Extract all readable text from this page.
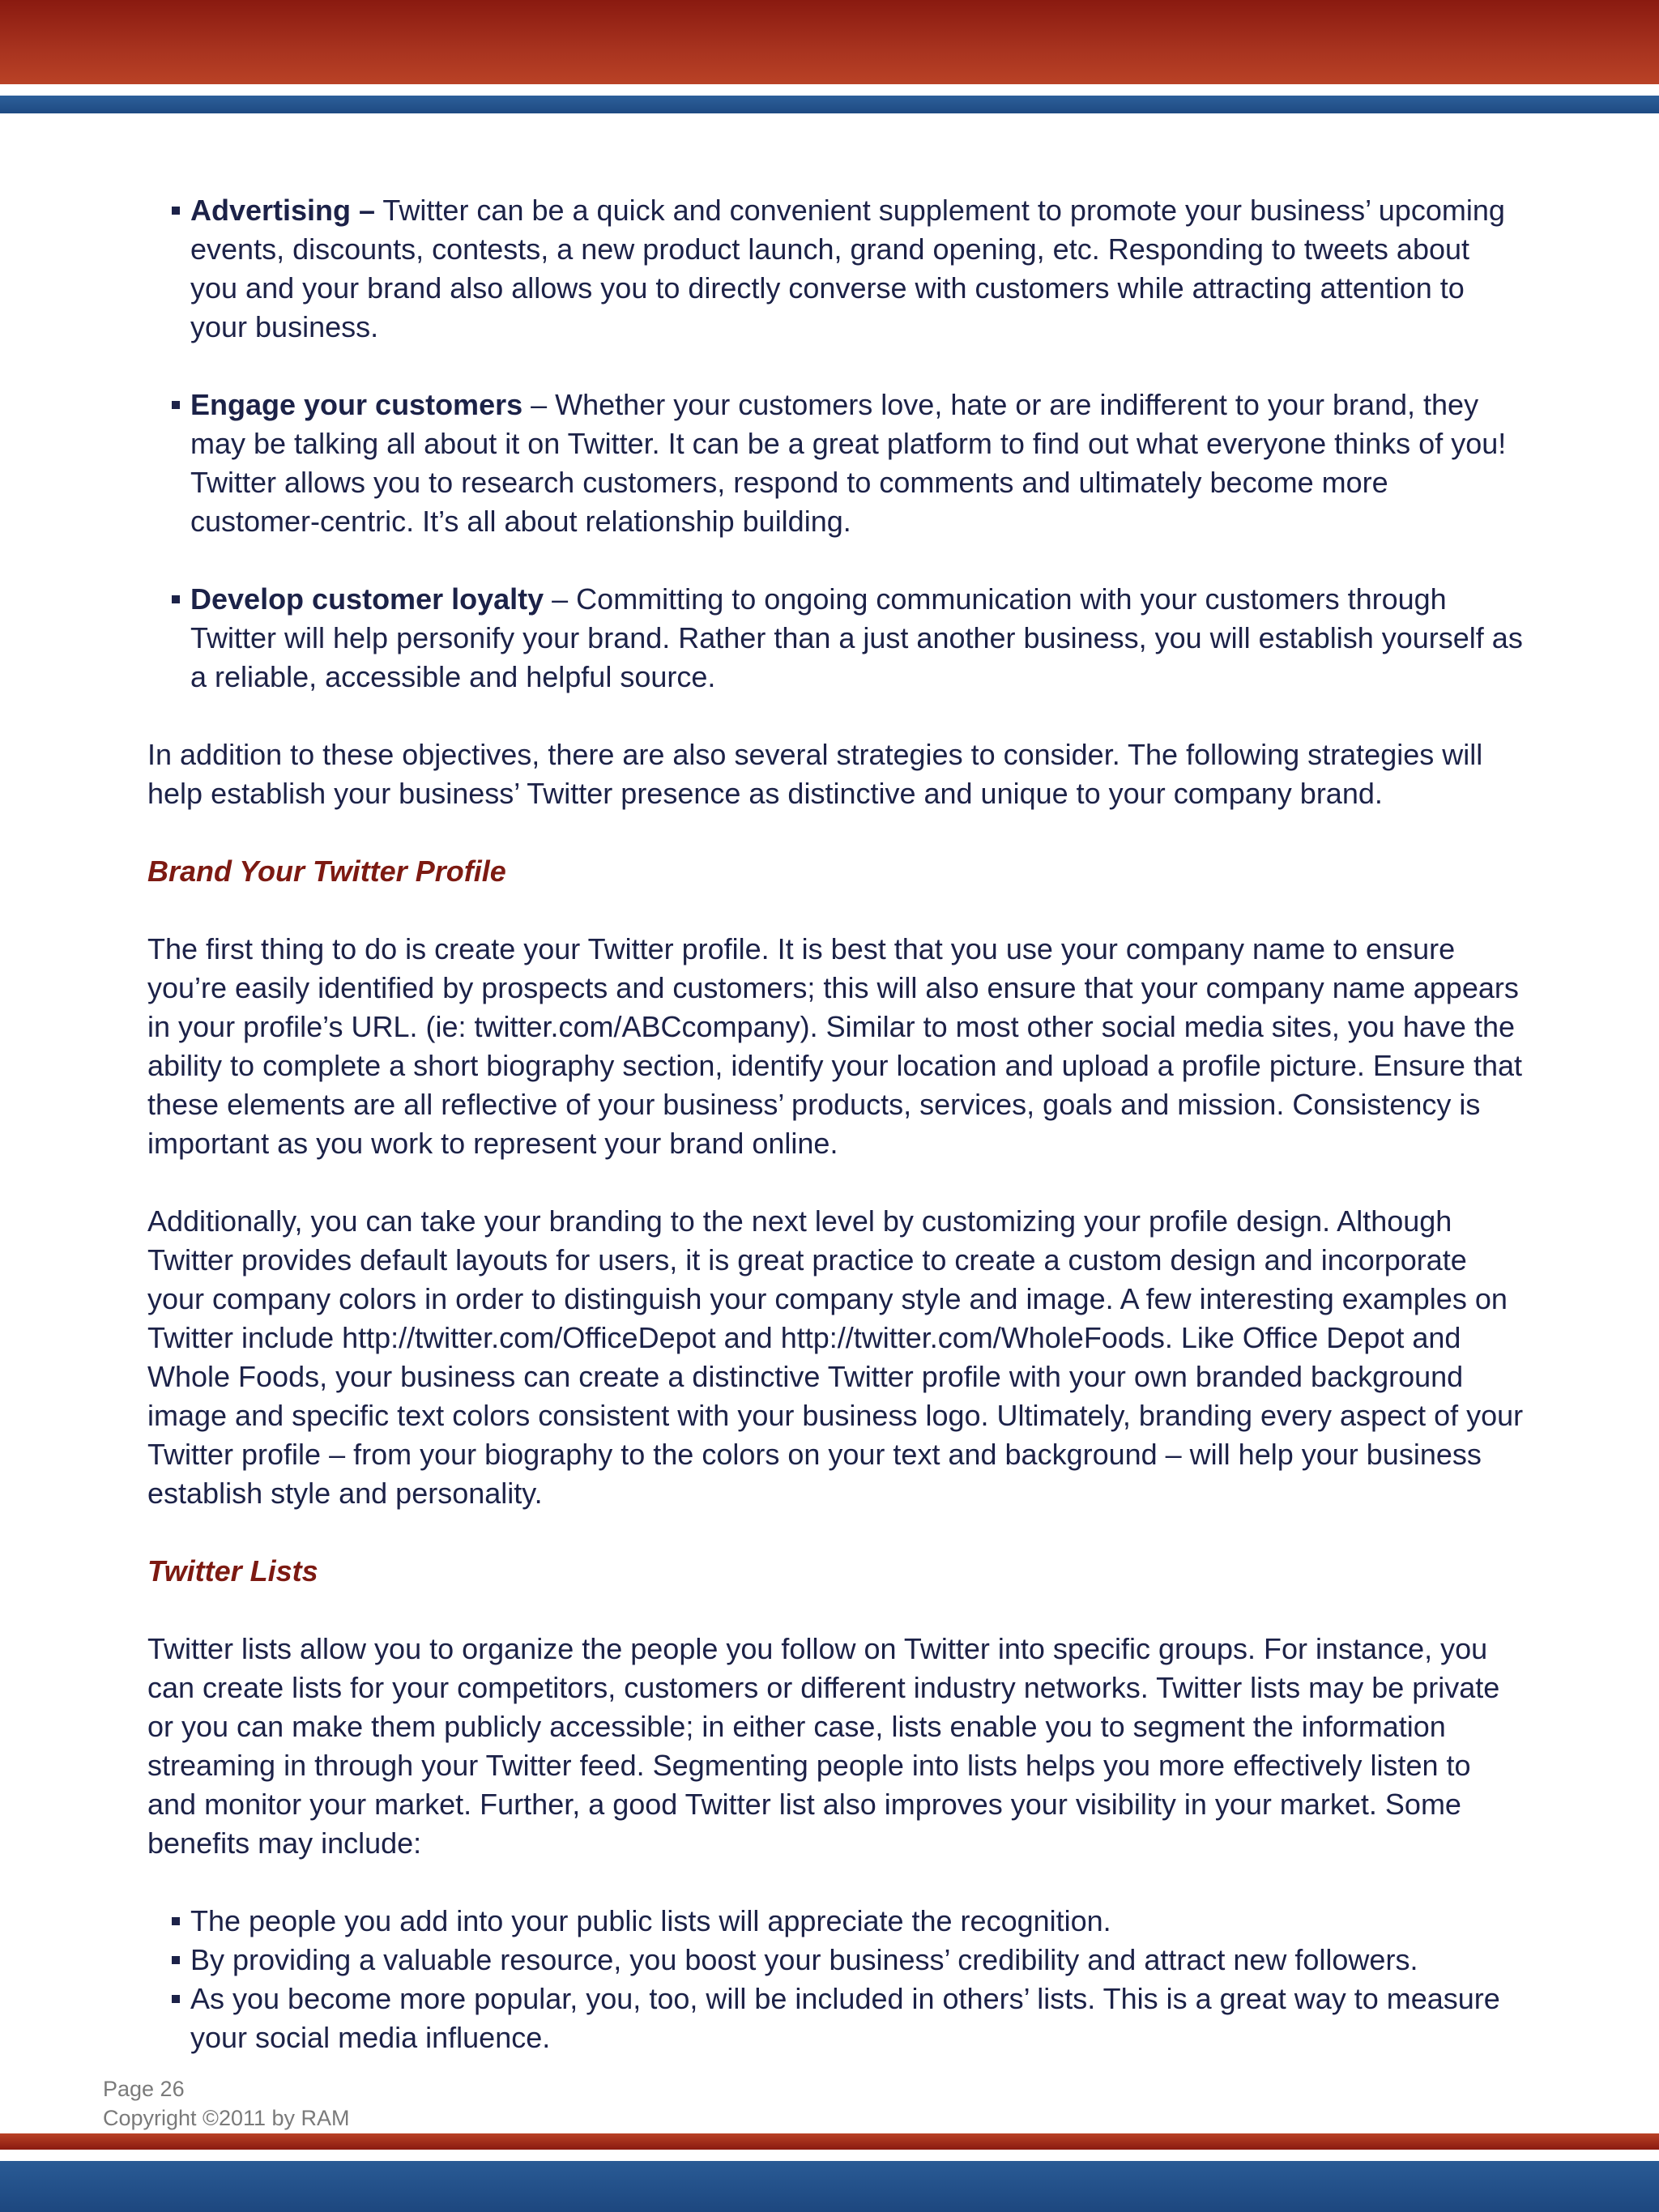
Advertising – Twitter can be a quick and convenient supplement to promote your business’ upcoming events, discounts, contests, a new product launch, grand opening, etc. Responding to tweets about you and your brand also allows you to directly converse with customers while attracting attention to your business.
Engage your customers – Whether your customers love, hate or are indifferent to your brand, they may be talking all about it on Twitter. It can be a great platform to find out what everyone thinks of you! Twitter allows you to research customers, respond to comments and ultimately become more customer-centric. It’s all about relationship building.
Develop customer loyalty – Committing to ongoing communication with your customers through Twitter will help personify your brand. Rather than a just another business, you will establish yourself as a reliable, accessible and helpful source.

In addition to these objectives, there are also several strategies to consider. The following strategies will help establish your business’ Twitter presence as distinctive and unique to your company brand.

Brand Your Twitter Profile

The first thing to do is create your Twitter profile. It is best that you use your company name to ensure you’re easily identified by prospects and customers; this will also ensure that your company name appears in your profile’s URL. (ie: twitter.com/ABCcompany). Similar to most other social media sites, you have the ability to complete a short biography section, identify your location and upload a profile picture. Ensure that these elements are all reflective of your business’ products, services, goals and mission. Consistency is important as you work to represent your brand online.

Additionally, you can take your branding to the next level by customizing your profile design. Although Twitter provides default layouts for users, it is great practice to create a custom design and incorporate your company colors in order to distinguish your company style and image. A few interesting examples on Twitter include http://twitter.com/OfficeDepot and http://twitter.com/WholeFoods. Like Office Depot and Whole Foods, your business can create a distinctive Twitter profile with your own branded background image and specific text colors consistent with your business logo. Ultimately, branding every aspect of your Twitter profile – from your biography to the colors on your text and background – will help your business establish style and personality.

Twitter Lists

Twitter lists allow you to organize the people you follow on Twitter into specific groups. For instance, you can create lists for your competitors, customers or different industry networks. Twitter lists may be private or you can make them publicly accessible; in either case, lists enable you to segment the information streaming in through your Twitter feed. Segmenting people into lists helps you more effectively listen to and monitor your market. Further, a good Twitter list also improves your visibility in your market. Some benefits may include:

The people you add into your public lists will appreciate the recognition.
By providing a valuable resource, you boost your business’ credibility and attract new followers.
As you become more popular, you, too, will be included in others’ lists. This is a great way to measure your social media influence.
Page 26
Copyright ©2011 by RAM
